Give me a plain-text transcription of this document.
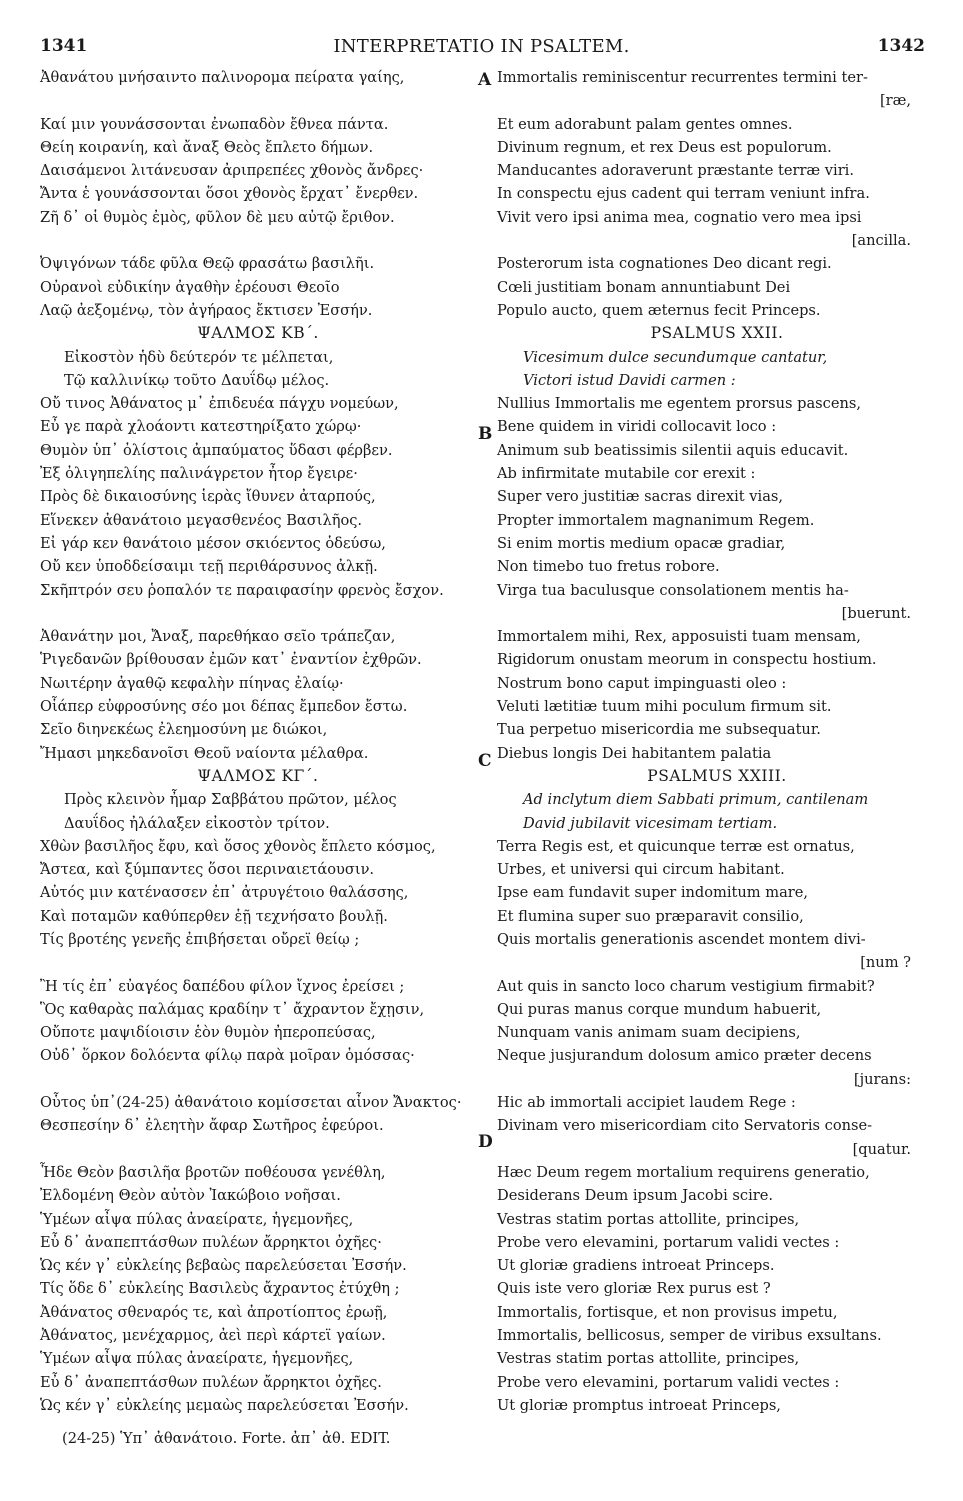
1341	INTERPRETATIO IN PSALTEM.	1342
Ἀθανάτου μνήσαιντο παλινορομα πείρατα γαίης,
Καί μιν γουνάσσονται ἐνωπαδὸν ἔθνεα πάντα.
Θείη κοιρανίη, καὶ ἄναξ Θεὸς ἔπλετο δήμων.
Δαισάμενοι λιτάνευσαν ἀριπρεπέες χθονὸς ἄνδρες·
Ἄντα ἑ γουνάσσονται ὅσοι χθονὸς ἔρχατ᾽ ἔνερθεν.
Ζῆ δ᾽ οἱ θυμὸς ἐμὸς, φῦλον δὲ μευ αὐτῷ ἔριθον.
Ὀψιγόνων τάδε φῦλα Θεῷ φρασάτω βασιλῆι.
Οὐρανοὶ εὐδικίην ἀγαθὴν ἐρέουσι Θεοῖο
Λαῷ ἀεξομένῳ, τὸν ἀγήραος ἔκτισεν Ἐσσήν.
ΨΑΛΜΟΣ ΚΒ΄.
Εἰκοστὸν ἡδὺ δεύτερόν τε μέλπεται,
Τῷ καλλινίκῳ τοῦτο Δαυΐδῳ μέλος.
Οὔ τινος Ἀθάνατος μ᾽ ἐπιδευέα πάγχυ νομεύων,
Εὖ γε παρὰ χλοάοντι κατεστηρίξατο χώρῳ·
Θυμὸν ὑπ᾽ ὀλίστοις ἀμπαύματος ὕδασι φέρβεν.
Ἐξ ὀλιγηπελίης παλινάγρετον ἦτορ ἔγειρε·
Πρὸς δὲ δικαιοσύνης ἱερὰς ἴθυνεν ἀταρπούς,
Εἵνεκεν ἀθανάτοιο μεγασθενέος Βασιλῆος.
Εἰ γάρ κεν θανάτοιο μέσον σκιόεντος ὁδεύσω,
Οὔ κεν ὑποδδείσαιμι τεῇ περιθάρσυνος ἀλκῇ.
Σκῆπτρόν σευ ῥοπαλόν τε παραιφασίην φρενὸς ἔσχον.
Ἀθανάτην μοι, Ἄναξ, παρεθήκαο σεῖο τράπεζαν,
Ῥιγεδανῶν βρίθουσαν ἐμῶν κατ᾽ ἐναντίον ἐχθρῶν.
Νωιτέρην ἀγαθῷ κεφαλὴν πίηνας ἐλαίῳ·
Οἷάπερ εὐφροσύνης σέο μοι δέπας ἔμπεδον ἔστω.
Σεῖο διηνεκέως ἐλεημοσύνη με διώκοι,
Ἤμασι μηκεδανοῖσι Θεοῦ ναίοντα μέλαθρα.
ΨΑΛΜΟΣ ΚΓ΄.
Πρὸς κλεινὸν ἦμαρ Σαββάτου πρῶτον, μέλος
Δαυΐδος ἠλάλαξεν εἰκοστὸν τρίτον.
Χθὼν βασιλῆος ἔφυ, καὶ ὅσος χθονὸς ἔπλετο κόσμος,
Ἄστεα, καὶ ξύμπαντες ὅσοι περιναιετάουσιν.
Αὐτός μιν κατένασσεν ἐπ᾽ ἀτρυγέτοιο θαλάσσης,
Καὶ ποταμῶν καθύπερθεν ἑῇ τεχνήσατο βουλῇ.
Τίς βροτέης γενεῆς ἐπιβήσεται οὔρεϊ θείῳ ;
Ἢ τίς ἐπ᾽ εὐαγέος δαπέδου φίλον ἴχνος ἐρείσει ;
Ὃς καθαρὰς παλάμας κραδίην τ᾽ ἄχραντον ἔχῃσιν,
Οὔποτε μαψιδίοισιν ἑὸν θυμὸν ἠπεροπεύσας,
Οὐδ᾽ ὅρκον δολόεντα φίλῳ παρὰ μοῖραν ὀμόσσας·
Οὗτος ὑπ᾽(24-25) ἀθανάτοιο κομίσσεται αἶνον Ἄνακτος·
Θεσπεσίην δ᾽ ἐλεητὴν ἄφαρ Σωτῆρος ἐφεύροι.
Ἧδε Θεὸν βασιλῆα βροτῶν ποθέουσα γενέθλη,
Ἐλδομένη Θεὸν αὐτὸν Ἰακώβοιο νοῆσαι.
Ὑμέων αἶψα πύλας ἀναείρατε, ἡγεμονῆες,
Εὖ δ᾽ ἀναπεπτάσθων πυλέων ἄρρηκτοι ὀχῆες·
Ὡς κέν γ᾽ εὐκλείης βεβαὼς παρελεύσεται Ἐσσήν.
Τίς ὅδε δ᾽ εὐκλείης Βασιλεὺς ἄχραντος ἐτύχθη ;
Ἀθάνατος σθεναρός τε, καὶ ἀπροτίοπτος ἐρωῇ,
Ἀθάνατος, μενέχαρμος, ἀεὶ περὶ κάρτεϊ γαίων.
Ὑμέων αἶψα πύλας ἀναείρατε, ἡγεμονῆες,
Εὖ δ᾽ ἀναπεπτάσθων πυλέων ἄρρηκτοι ὀχῆες.
Ὡς κέν γ᾽ εὐκλείης μεμαὼς παρελεύσεται Ἐσσήν.
Immortalis reminiscentur recurrentes termini ter-
[ræ,
Et eum adorabunt palam gentes omnes.
Divinum regnum, et rex Deus est populorum.
Manducantes adoraverunt præstante terræ viri.
In conspectu ejus cadent qui terram veniunt infra.
Vivit vero ipsi anima mea, cognatio vero mea ipsi
[ancilla.
Posterorum ista cognationes Deo dicant regi.
Cœli justitiam bonam annuntiabunt Dei
Populo aucto, quem æternus fecit Princeps.
PSALMUS XXII.
Vicesimum dulce secundumque cantatur,
Victori istud Davidi carmen :
Nullius Immortalis me egentem prorsus pascens,
Bene quidem in viridi collocavit loco :
Animum sub beatissimis silentii aquis educavit.
Ab infirmitate mutabile cor erexit :
Super vero justitiæ sacras direxit vias,
Propter immortalem magnanimum Regem.
Si enim mortis medium opacæ gradiar,
Non timebo tuo fretus robore.
Virga tua baculusque consolationem mentis ha-
[buerunt.
Immortalem mihi, Rex, apposuisti tuam mensam,
Rigidorum onustam meorum in conspectu hostium.
Nostrum bono caput impinguasti oleo :
Veluti lætitiæ tuum mihi poculum firmum sit.
Tua perpetuo misericordia me subsequatur.
Diebus longis Dei habitantem palatia
PSALMUS XXIII.
Ad inclytum diem Sabbati primum, cantilenam
David jubilavit vicesimam tertiam.
Terra Regis est, et quicunque terræ est ornatus,
Urbes, et universi qui circum habitant.
Ipse eam fundavit super indomitum mare,
Et flumina super suo præparavit consilio,
Quis mortalis generationis ascendet montem divi-
[num ?
Aut quis in sancto loco charum vestigium firmabit?
Qui puras manus corque mundum habuerit,
Nunquam vanis animam suam decipiens,
Neque jusjurandum dolosum amico præter decens
[jurans:
Hic ab immortali accipiet laudem Rege :
Divinam vero misericordiam cito Servatoris conse-
[quatur.
Hæc Deum regem mortalium requirens generatio,
Desiderans Deum ipsum Jacobi scire.
Vestras statim portas attollite, principes,
Probe vero elevamini, portarum validi vectes :
Ut gloriæ gradiens introeat Princeps.
Quis iste vero gloriæ Rex purus est ?
Immortalis, fortisque, et non provisus impetu,
Immortalis, bellicosus, semper de viribus exsultans.
Vestras statim portas attollite, principes,
Probe vero elevamini, portarum validi vectes :
Ut gloriæ promptus introeat Princeps,
A
B
C
D
(24-25) Ὑπ᾽ ἀθανάτοιο. Forte. ἀπ᾽ ἀθ. EDIT.
